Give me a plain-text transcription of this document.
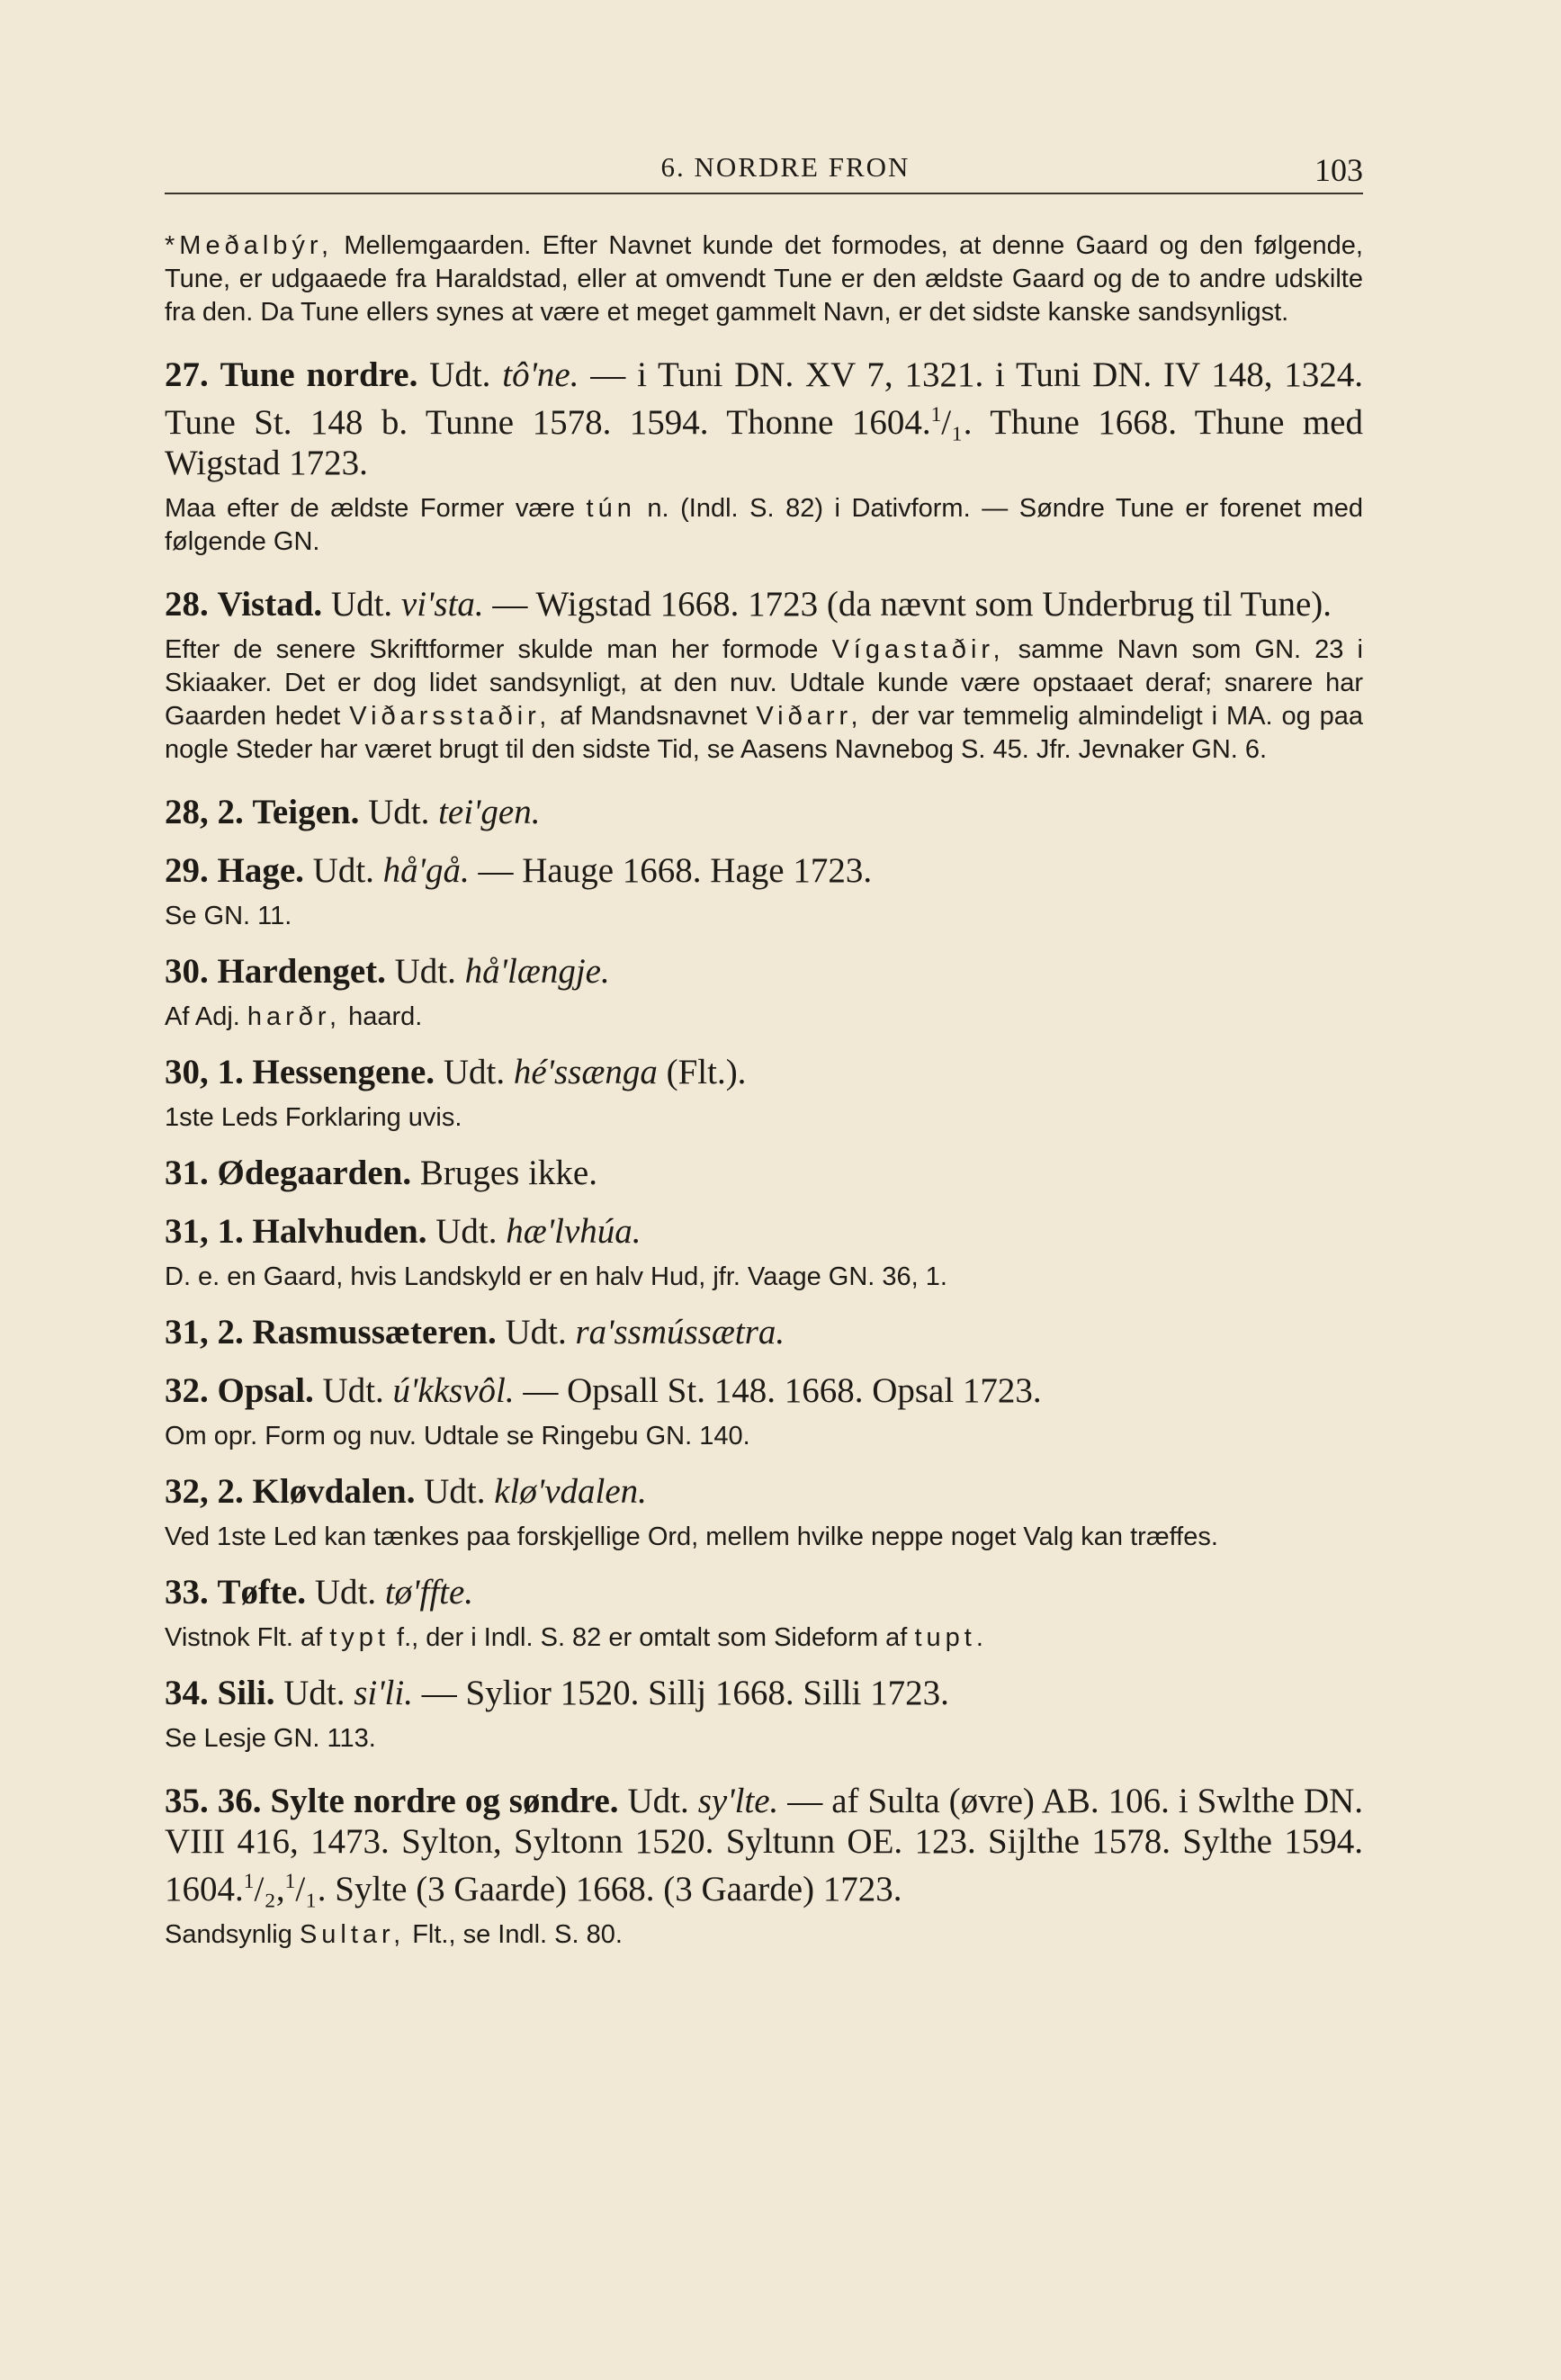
6. NORDRE FRON	103

*Meðalbýr, Mellemgaarden. Efter Navnet kunde det formodes, at denne Gaard og den følgende, Tune, er udgaaede fra Haraldstad, eller at omvendt Tune er den ældste Gaard og de to andre udskilte fra den. Da Tune ellers synes at være et meget gammelt Navn, er det sidste kanske sandsynligst.

27. Tune nordre. Udt. tô'ne. — i Tuni DN. XV 7, 1321. i Tuni DN. IV 148, 1324. Tune St. 148 b. Tunne 1578. 1594. Thonne 1604.$^1$/₁. Thune 1668. Thune med Wigstad 1723.

Maa efter de ældste Former være tún n. (Indl. S. 82) i Dativform. — Søndre Tune er forenet med følgende GN.

28. Vistad. Udt. vi'sta. — Wigstad 1668. 1723 (da nævnt som Underbrug til Tune).

Efter de senere Skriftformer skulde man her formode Vígastaðir, samme Navn som GN. 23 i Skiaaker. Det er dog lidet sandsynligt, at den nuv. Udtale kunde være opstaaet deraf; snarere har Gaarden hedet Viðarsstaðir, af Mandsnavnet Viðarr, der var temmelig almindeligt i MA. og paa nogle Steder har været brugt til den sidste Tid, se Aasens Navnebog S. 45. Jfr. Jevnaker GN. 6.

28, 2. Teigen. Udt. tei'gen.

29. Hage. Udt. hå'gå. — Hauge 1668. Hage 1723.

Se GN. 11.

30. Hardenget. Udt. hå'længje.

Af Adj. harðr, haard.

30, 1. Hessengene. Udt. hé'ssænga (Flt.).

1ste Leds Forklaring uvis.

31. Ødegaarden. Bruges ikke.

31, 1. Halvhuden. Udt. hæ'lvhúa.

D. e. en Gaard, hvis Landskyld er en halv Hud, jfr. Vaage GN. 36, 1.

31, 2. Rasmussæteren. Udt. ra'ssmússætra.

32. Opsal. Udt. ú'kksvôl. — Opsall St. 148. 1668. Opsal 1723.

Om opr. Form og nuv. Udtale se Ringebu GN. 140.

32, 2. Kløvdalen. Udt. klø'vdalen.

Ved 1ste Led kan tænkes paa forskjellige Ord, mellem hvilke neppe noget Valg kan træffes.

33. Tøfte. Udt. tø'ffte.

Vistnok Flt. af typt f., der i Indl. S. 82 er omtalt som Sideform af tupt.

34. Sili. Udt. si'li. — Sylior 1520. Sillj 1668. Silli 1723.

Se Lesje GN. 113.

35. 36. Sylte nordre og søndre. Udt. sy'lte. — af Sulta (øvre) AB. 106. i Swlthe DN. VIII 416, 1473. Sylton, Syltonn 1520. Syltunn OE. 123. Sijlthe 1578. Sylthe 1594. 1604.$^1$/₂,$^1$/₁. Sylte (3 Gaarde) 1668. (3 Gaarde) 1723.

Sandsynlig Sultar, Flt., se Indl. S. 80.
